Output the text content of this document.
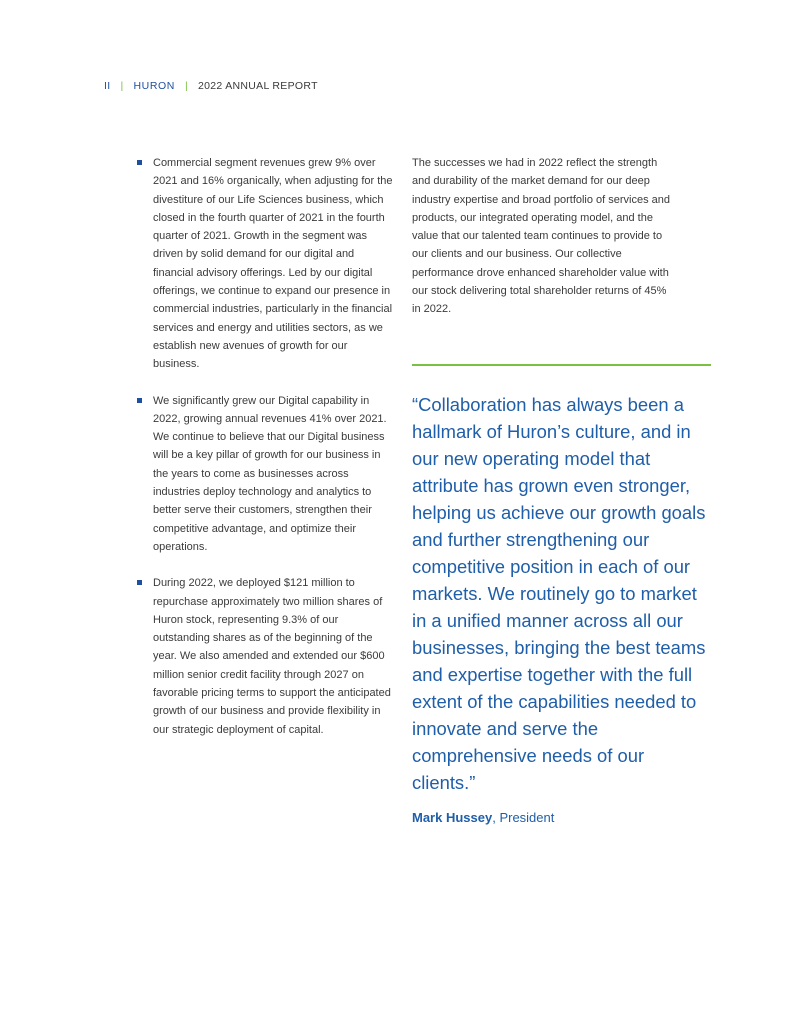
II | HURON | 2022 ANNUAL REPORT
Commercial segment revenues grew 9% over 2021 and 16% organically, when adjusting for the divestiture of our Life Sciences business, which closed in the fourth quarter of 2021 in the fourth quarter of 2021. Growth in the segment was driven by solid demand for our digital and financial advisory offerings. Led by our digital offerings, we continue to expand our presence in commercial industries, particularly in the financial services and energy and utilities sectors, as we establish new avenues of growth for our business.
We significantly grew our Digital capability in 2022, growing annual revenues 41% over 2021. We continue to believe that our Digital business will be a key pillar of growth for our business in the years to come as businesses across industries deploy technology and analytics to better serve their customers, strengthen their competitive advantage, and optimize their operations.
During 2022, we deployed $121 million to repurchase approximately two million shares of Huron stock, representing 9.3% of our outstanding shares as of the beginning of the year. We also amended and extended our $600 million senior credit facility through 2027 on favorable pricing terms to support the anticipated growth of our business and provide flexibility in our strategic deployment of capital.
The successes we had in 2022 reflect the strength and durability of the market demand for our deep industry expertise and broad portfolio of services and products, our integrated operating model, and the value that our talented team continues to provide to our clients and our business. Our collective performance drove enhanced shareholder value with our stock delivering total shareholder returns of 45% in 2022.
“Collaboration has always been a hallmark of Huron’s culture, and in our new operating model that attribute has grown even stronger, helping us achieve our growth goals and further strengthening our competitive position in each of our markets. We routinely go to market in a unified manner across all our businesses, bringing the best teams and expertise together with the full extent of the capabilities needed to innovate and serve the comprehensive needs of our clients.”
Mark Hussey, President
